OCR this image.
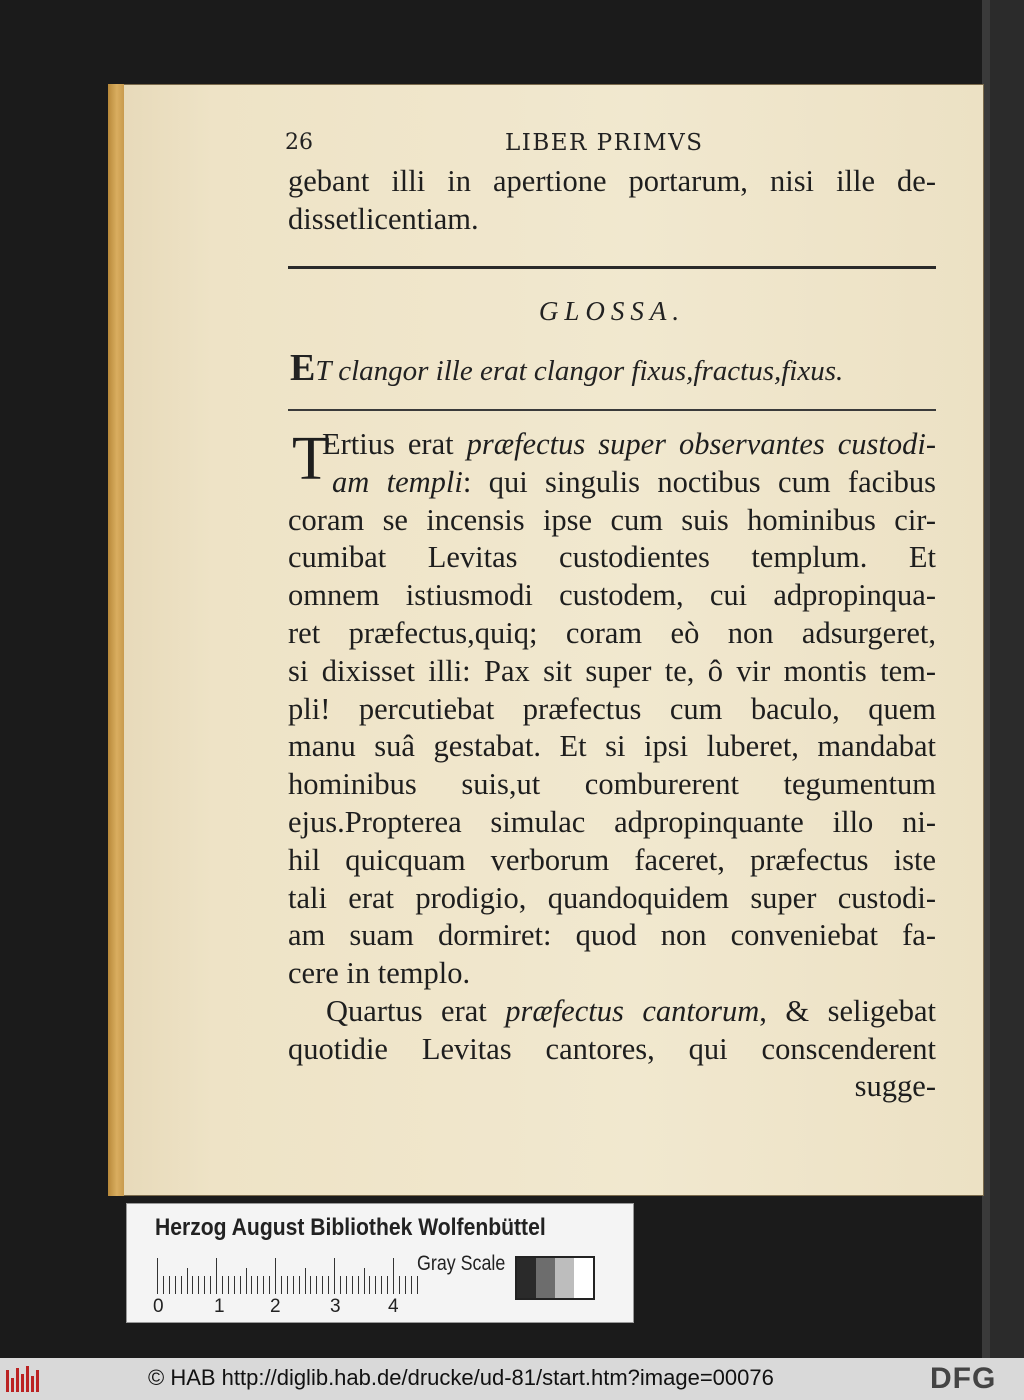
26	LIBER PRIMVS
gebant illi in apertione portarum, nisi ille de-
dissetlicentiam.
GLOSSA.
ET clangor ille erat clangor fixus,fractus,fixus.
T
Ertius erat præfectus super observantes custodi-
am templi: qui singulis noctibus cum facibus
coram se incensis ipse cum suis hominibus cir-
cumibat Levitas custodientes templum. Et
omnem istiusmodi custodem, cui adpropinqua-
ret præfectus,quiq; coram eò non adsurgeret,
si dixisset illi: Pax sit super te, ô vir montis tem-
pli! percutiebat præfectus cum baculo, quem
manu suâ gestabat. Et si ipsi luberet, mandabat
hominibus suis,ut comburerent tegumentum
ejus.Propterea simulac adpropinquante illo ni-
hil quicquam verborum faceret, præfectus iste
tali erat prodigio, quandoquidem super custodi-
am suam dormiret: quod non conveniebat fa-
cere in templo.
Quartus erat præfectus cantorum, & seligebat
quotidie Levitas cantores, qui conscenderent
sugge-
Herzog August Bibliothek Wolfenbüttel
0	1 2	3 4
Gray Scale
© HAB http://diglib.hab.de/drucke/ud-81/start.htm?image=00076	DFG
